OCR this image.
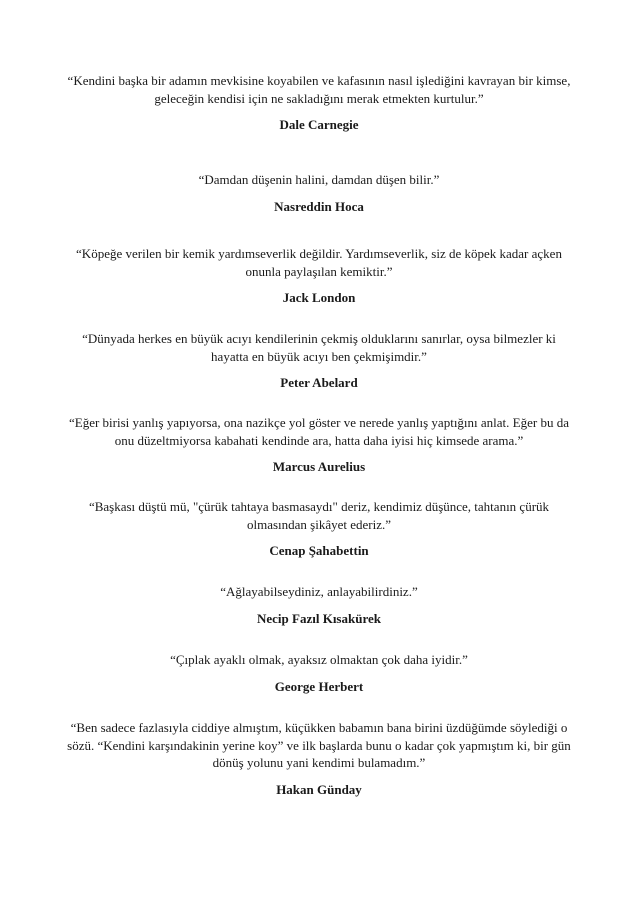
“Kendini başka bir adamın mevkisine koyabilen ve kafasının nasıl işlediğini kavrayan bir kimse, geleceğin kendisi için ne sakladığını merak etmekten kurtulur.”

Dale Carnegie

“Damdan düşenin halini, damdan düşen bilir.”

Nasreddin Hoca

“Köpeğe verilen bir kemik yardımseverlik değildir. Yardımseverlik, siz de köpek kadar açken onunla paylaşılan kemiktir.”

Jack London

“Dünyada herkes en büyük acıyı kendilerinin çekmiş olduklarını sanırlar, oysa bilmezler ki hayatta en büyük acıyı ben çekmişimdir.”

Peter Abelard

“Eğer birisi yanlış yapıyorsa, ona nazikçe yol göster ve nerede yanlış yaptığını anlat. Eğer bu da onu düzeltmiyorsa kabahati kendinde ara, hatta daha iyisi hiç kimsede arama.”

Marcus Aurelius

“Başkası düştü mü, "çürük tahtaya basmasaydı" deriz, kendimiz düşünce, tahtanın çürük olmasından şikâyet ederiz.”

Cenap Şahabettin

“Ağlayabilseydiniz, anlayabilirdiniz.”

Necip Fazıl Kısakürek

“Çıplak ayaklı olmak, ayaksız olmaktan çok daha iyidir.”

George Herbert

“Ben sadece fazlasıyla ciddiye almıştım, küçükken babamın bana birini üzdüğümde söylediği o sözü. “Kendini karşındakinin yerine koy” ve ilk başlarda bunu o kadar çok yapmıştım ki, bir gün dönüş yolunu yani kendimi bulamadım.”

Hakan Günday
